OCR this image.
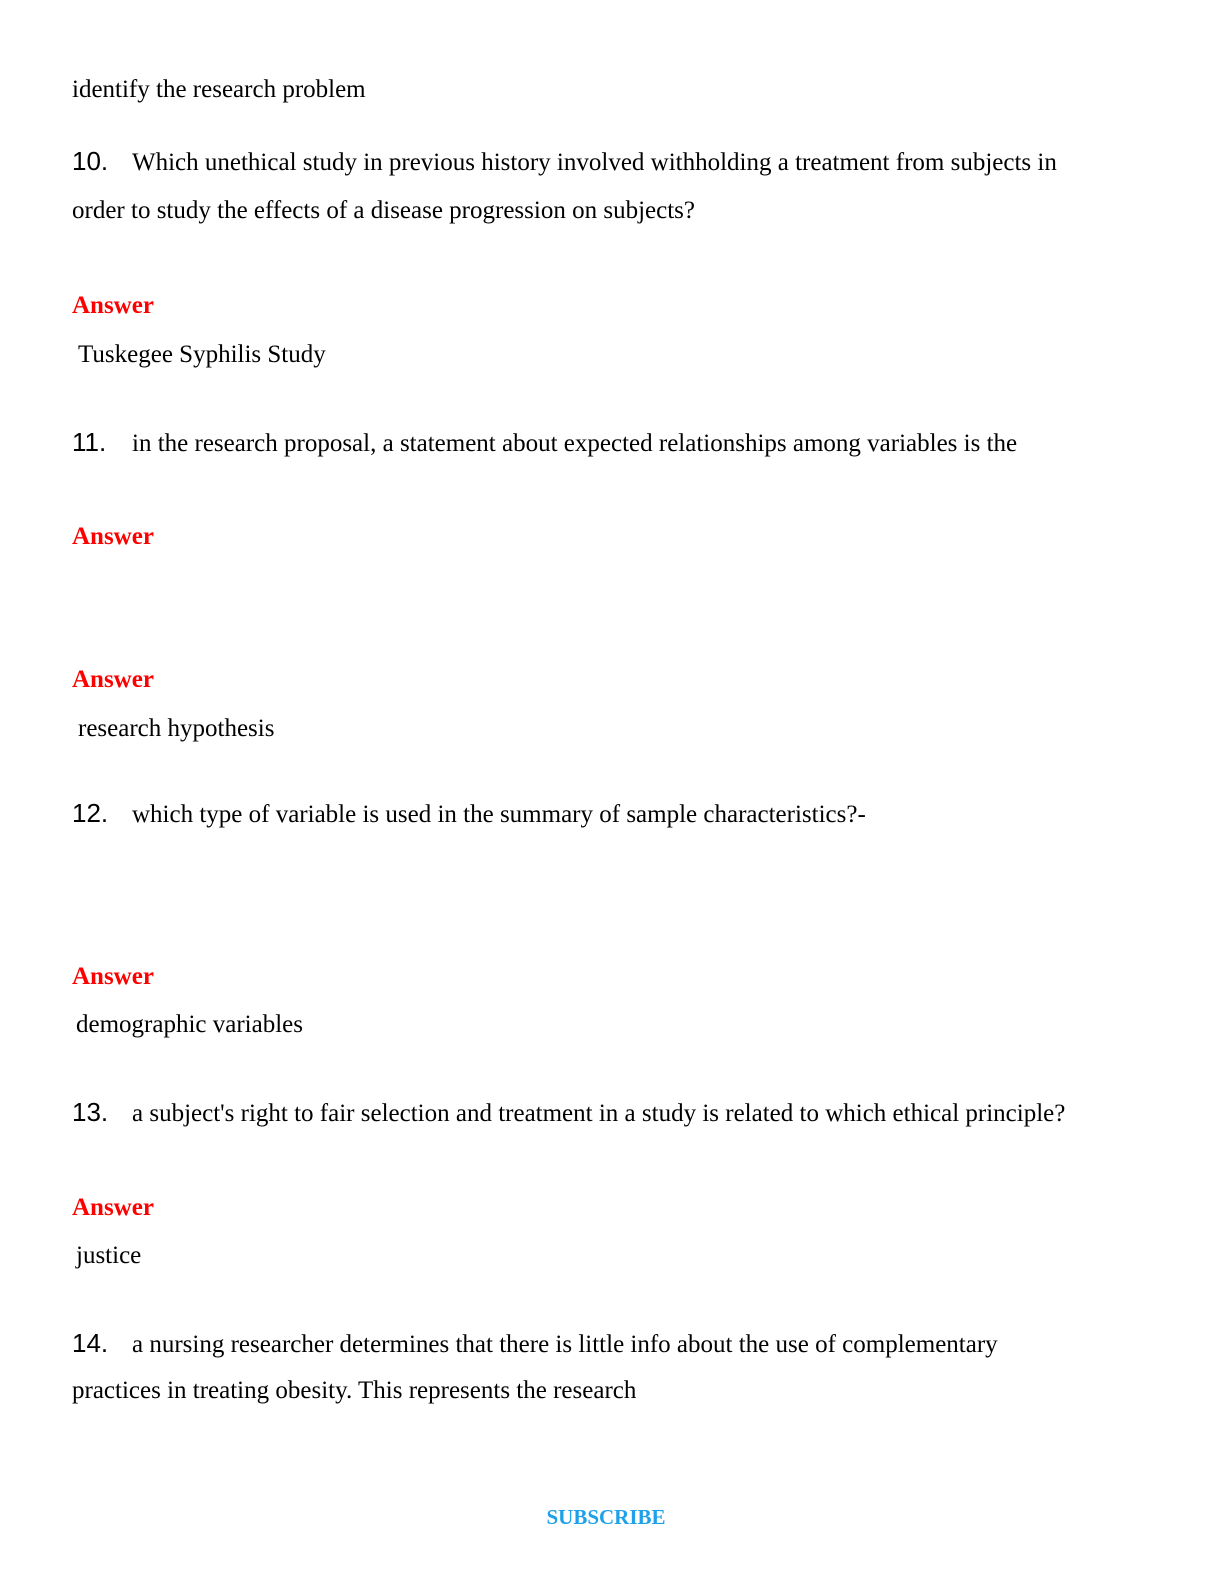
identify the research problem
10. Which unethical study in previous history involved withholding a treatment from subjects in
order to study the effects of a disease progression on subjects?
Answer
Tuskegee Syphilis Study
11. in the research proposal, a statement about expected relationships among variables is the
Answer
Answer
research hypothesis
12. which type of variable is used in the summary of sample characteristics?-
Answer
demographic variables
13. a subject's right to fair selection and treatment in a study is related to which ethical principle?
Answer
justice
14. a nursing researcher determines that there is little info about the use of complementary
practices in treating obesity. This represents the research
SUBSCRIBE
